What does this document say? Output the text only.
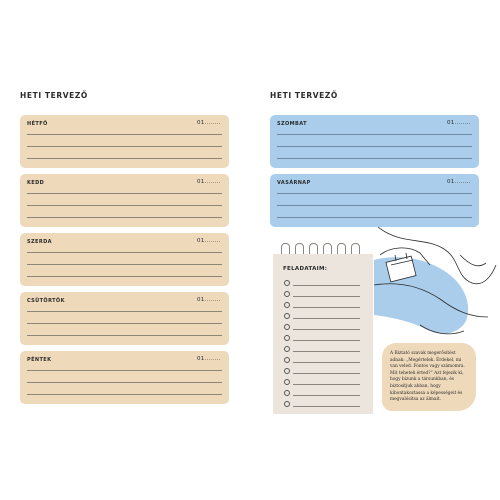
HETI TERVEZŐ
HÉTFŐ	01........
KEDD	01........
SZERDA	01........
CSÜTÖRTÖK	01........
PÉNTEK	01........
HETI TERVEZŐ
SZOMBAT	01........
VASÁRNAP	01........
FELADATAIM:

A Biztató szavak megerősítést adnak: „Megértelek. Érdekel, mi van veled. Fontos vagy számomra. Mit tehetek érted?” Azt fejezik ki, hogy bízunk a társunkban, és biztosítjuk abban, hogy kibontakoztassa a képességeit és megvalósítsa az álmait.
